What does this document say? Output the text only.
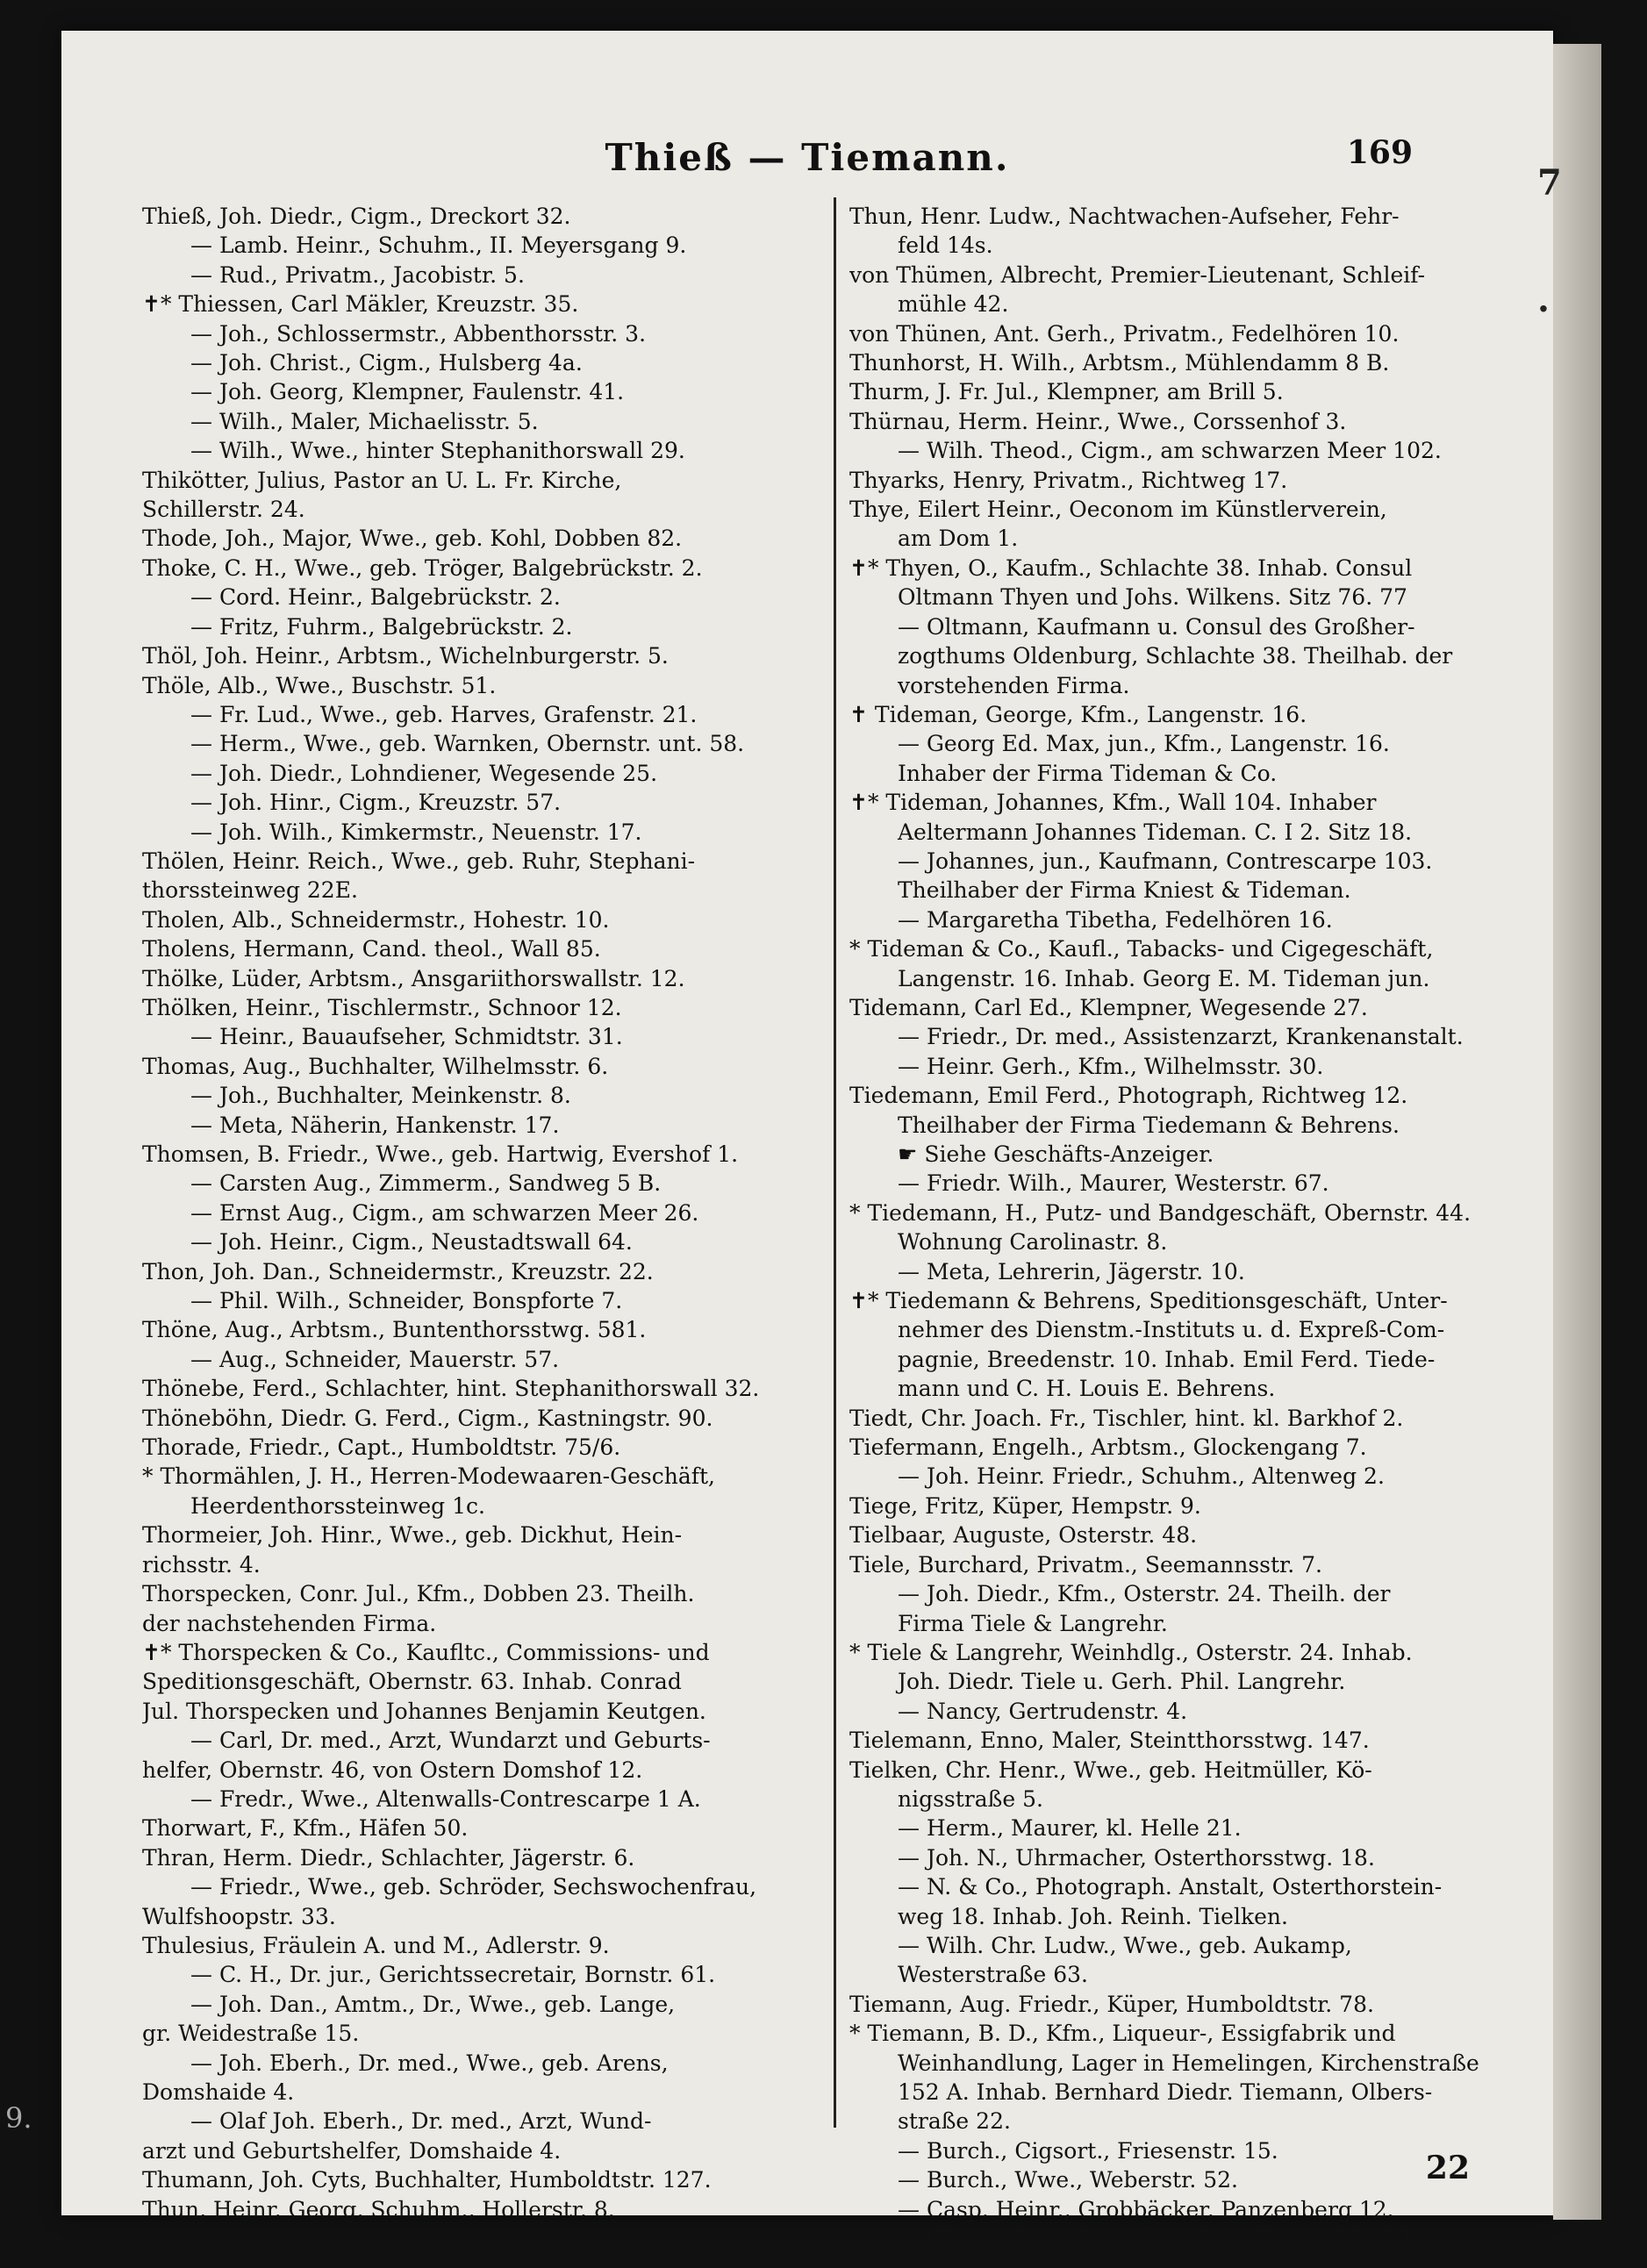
Thieß — Tiemann.	169
Thieß, Joh. Diedr., Cigm., Dreckort 32.
— Lamb. Heinr., Schuhm., II. Meyersgang 9.
— Rud., Privatm., Jacobistr. 5.
✝* Thiessen, Carl Mäkler, Kreuzstr. 35.
— Joh., Schlossermstr., Abbenthorsstr. 3.
— Joh. Christ., Cigm., Hulsberg 4a.
— Joh. Georg, Klempner, Faulenstr. 41.
— Wilh., Maler, Michaelisstr. 5.
— Wilh., Wwe., hinter Stephanithorswall 29.
Thikötter, Julius, Pastor an U. L. Fr. Kirche,
Schillerstr. 24.
Thode, Joh., Major, Wwe., geb. Kohl, Dobben 82.
Thoke, C. H., Wwe., geb. Tröger, Balgebrückstr. 2.
— Cord. Heinr., Balgebrückstr. 2.
— Fritz, Fuhrm., Balgebrückstr. 2.
Thöl, Joh. Heinr., Arbtsm., Wichelnburgerstr. 5.
Thöle, Alb., Wwe., Buschstr. 51.
— Fr. Lud., Wwe., geb. Harves, Grafenstr. 21.
— Herm., Wwe., geb. Warnken, Obernstr. unt. 58.
— Joh. Diedr., Lohndiener, Wegesende 25.
— Joh. Hinr., Cigm., Kreuzstr. 57.
— Joh. Wilh., Kimkermstr., Neuenstr. 17.
Thölen, Heinr. Reich., Wwe., geb. Ruhr, Stephani-
thorssteinweg 22E.
Tholen, Alb., Schneidermstr., Hohestr. 10.
Tholens, Hermann, Cand. theol., Wall 85.
Thölke, Lüder, Arbtsm., Ansgariithorswallstr. 12.
Thölken, Heinr., Tischlermstr., Schnoor 12.
— Heinr., Bauaufseher, Schmidtstr. 31.
Thomas, Aug., Buchhalter, Wilhelmsstr. 6.
— Joh., Buchhalter, Meinkenstr. 8.
— Meta, Näherin, Hankenstr. 17.
Thomsen, B. Friedr., Wwe., geb. Hartwig, Evershof 1.
— Carsten Aug., Zimmerm., Sandweg 5 B.
— Ernst Aug., Cigm., am schwarzen Meer 26.
— Joh. Heinr., Cigm., Neustadtswall 64.
Thon, Joh. Dan., Schneidermstr., Kreuzstr. 22.
— Phil. Wilh., Schneider, Bonspforte 7.
Thöne, Aug., Arbtsm., Buntenthorsstwg. 581.
— Aug., Schneider, Mauerstr. 57.
Thönebe, Ferd., Schlachter, hint. Stephanithorswall 32.
Thöneböhn, Diedr. G. Ferd., Cigm., Kastningstr. 90.
Thorade, Friedr., Capt., Humboldtstr. 75/6.
* Thormählen, J. H., Herren-Modewaaren-Geschäft,
Heerdenthorssteinweg 1c.
Thormeier, Joh. Hinr., Wwe., geb. Dickhut, Hein-
richsstr. 4.
Thorspecken, Conr. Jul., Kfm., Dobben 23. Theilh.
der nachstehenden Firma.
✝* Thorspecken & Co., Kaufltc., Commissions- und
Speditionsgeschäft, Obernstr. 63. Inhab. Conrad
Jul. Thorspecken und Johannes Benjamin Keutgen.
— Carl, Dr. med., Arzt, Wundarzt und Geburts-
helfer, Obernstr. 46, von Ostern Domshof 12.
— Fredr., Wwe., Altenwalls-Contrescarpe 1 A.
Thorwart, F., Kfm., Häfen 50.
Thran, Herm. Diedr., Schlachter, Jägerstr. 6.
— Friedr., Wwe., geb. Schröder, Sechswochenfrau,
Wulfshoopstr. 33.
Thulesius, Fräulein A. und M., Adlerstr. 9.
— C. H., Dr. jur., Gerichtssecretair, Bornstr. 61.
— Joh. Dan., Amtm., Dr., Wwe., geb. Lange,
gr. Weidestraße 15.
— Joh. Eberh., Dr. med., Wwe., geb. Arens,
Domshaide 4.
— Olaf Joh. Eberh., Dr. med., Arzt, Wund-
arzt und Geburtshelfer, Domshaide 4.
Thumann, Joh. Cyts, Buchhalter, Humboldtstr. 127.
Thun, Heinr. Georg, Schuhm., Hollerstr. 8.
Thun, Henr. Ludw., Nachtwachen-Aufseher, Fehr-
feld 14s.
von Thümen, Albrecht, Premier-Lieutenant, Schleif-
mühle 42.
von Thünen, Ant. Gerh., Privatm., Fedelhören 10.
Thunhorst, H. Wilh., Arbtsm., Mühlendamm 8 B.
Thurm, J. Fr. Jul., Klempner, am Brill 5.
Thürnau, Herm. Heinr., Wwe., Corssenhof 3.
— Wilh. Theod., Cigm., am schwarzen Meer 102.
Thyarks, Henry, Privatm., Richtweg 17.
Thye, Eilert Heinr., Oeconom im Künstlerverein,
am Dom 1.
✝* Thyen, O., Kaufm., Schlachte 38. Inhab. Consul
Oltmann Thyen und Johs. Wilkens. Sitz 76. 77
— Oltmann, Kaufmann u. Consul des Großher-
zogthums Oldenburg, Schlachte 38. Theilhab. der
vorstehenden Firma.
✝ Tideman, George, Kfm., Langenstr. 16.
— Georg Ed. Max, jun., Kfm., Langenstr. 16.
Inhaber der Firma Tideman & Co.
✝* Tideman, Johannes, Kfm., Wall 104. Inhaber
Aeltermann Johannes Tideman. C. I 2. Sitz 18.
— Johannes, jun., Kaufmann, Contrescarpe 103.
Theilhaber der Firma Kniest & Tideman.
— Margaretha Tibetha, Fedelhören 16.
* Tideman & Co., Kaufl., Tabacks- und Cigegeschäft,
Langenstr. 16. Inhab. Georg E. M. Tideman jun.
Tidemann, Carl Ed., Klempner, Wegesende 27.
— Friedr., Dr. med., Assistenzarzt, Krankenanstalt.
— Heinr. Gerh., Kfm., Wilhelmsstr. 30.
Tiedemann, Emil Ferd., Photograph, Richtweg 12.
Theilhaber der Firma Tiedemann & Behrens.
☛ Siehe Geschäfts-Anzeiger.
— Friedr. Wilh., Maurer, Westerstr. 67.
* Tiedemann, H., Putz- und Bandgeschäft, Obernstr. 44.
Wohnung Carolinastr. 8.
— Meta, Lehrerin, Jägerstr. 10.
✝* Tiedemann & Behrens, Speditionsgeschäft, Unter-
nehmer des Dienstm.-Instituts u. d. Expreß-Com-
pagnie, Breedenstr. 10. Inhab. Emil Ferd. Tiede-
mann und C. H. Louis E. Behrens.
Tiedt, Chr. Joach. Fr., Tischler, hint. kl. Barkhof 2.
Tiefermann, Engelh., Arbtsm., Glockengang 7.
— Joh. Heinr. Friedr., Schuhm., Altenweg 2.
Tiege, Fritz, Küper, Hempstr. 9.
Tielbaar, Auguste, Osterstr. 48.
Tiele, Burchard, Privatm., Seemannsstr. 7.
— Joh. Diedr., Kfm., Osterstr. 24. Theilh. der
Firma Tiele & Langrehr.
* Tiele & Langrehr, Weinhdlg., Osterstr. 24. Inhab.
Joh. Diedr. Tiele u. Gerh. Phil. Langrehr.
— Nancy, Gertrudenstr. 4.
Tielemann, Enno, Maler, Steintthorsstwg. 147.
Tielken, Chr. Henr., Wwe., geb. Heitmüller, Kö-
nigsstraße 5.
— Herm., Maurer, kl. Helle 21.
— Joh. N., Uhrmacher, Osterthorsstwg. 18.
— N. & Co., Photograph. Anstalt, Osterthorstein-
weg 18. Inhab. Joh. Reinh. Tielken.
— Wilh. Chr. Ludw., Wwe., geb. Aukamp,
Westerstraße 63.
Tiemann, Aug. Friedr., Küper, Humboldtstr. 78.
* Tiemann, B. D., Kfm., Liqueur-, Essigfabrik und
Weinhandlung, Lager in Hemelingen, Kirchenstraße
152 A. Inhab. Bernhard Diedr. Tiemann, Olbers-
straße 22.
— Burch., Cigsort., Friesenstr. 15.
— Burch., Wwe., Weberstr. 52.
— Casp. Heinr., Grobbäcker, Panzenberg 12.
— Chr. Ludw., Uhrmacher, U. L. Fr. Kirchhof 20.
22
7
.
9.
